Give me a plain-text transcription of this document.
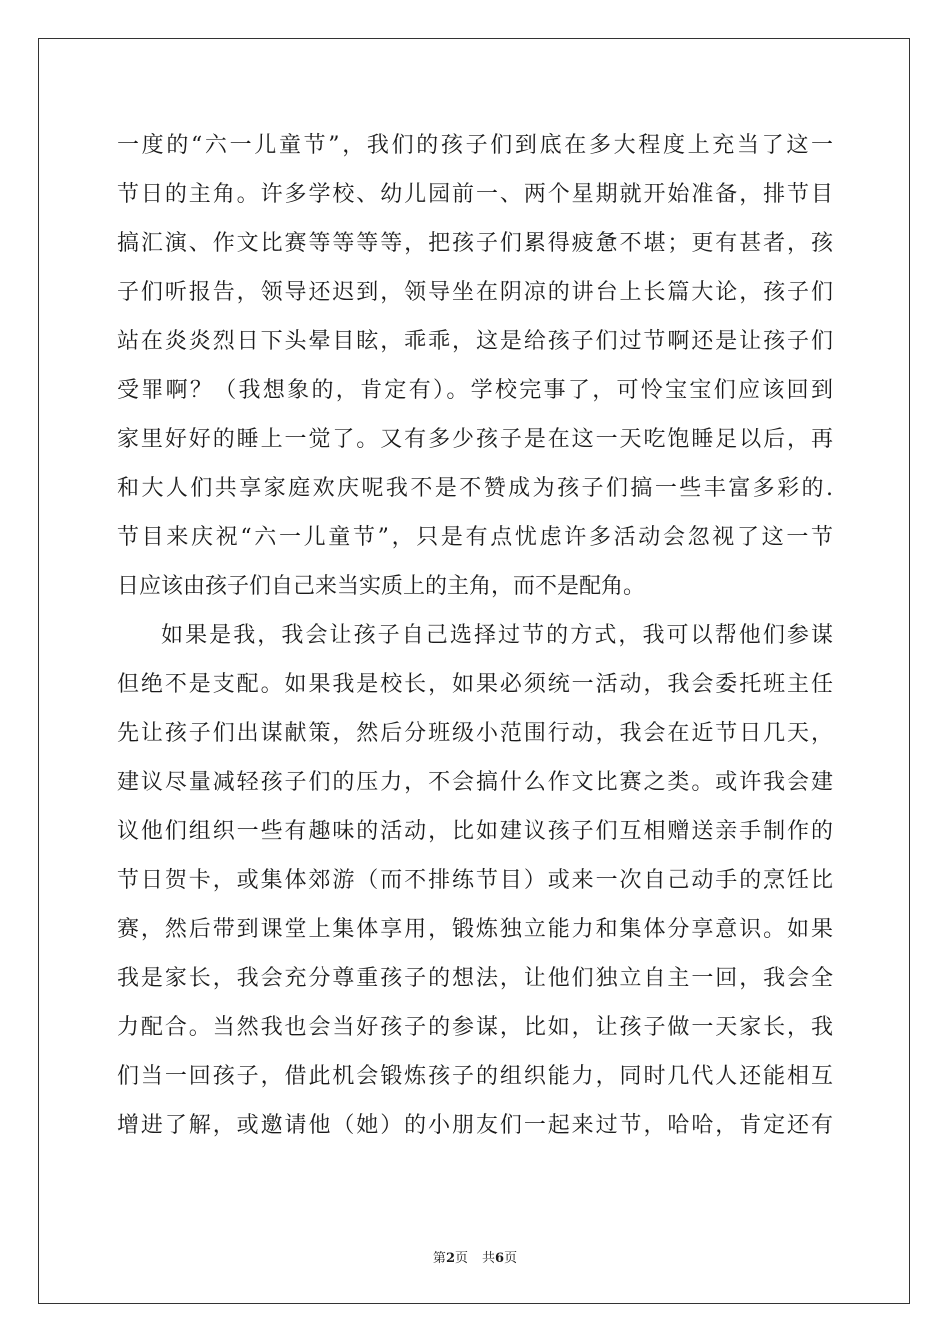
一度的“六一儿童节”，我们的孩子们到底在多大程度上充当了这一
节日的主角。许多学校、幼儿园前一、两个星期就开始准备，排节目
搞汇演、作文比赛等等等等，把孩子们累得疲惫不堪；更有甚者，孩
子们听报告，领导还迟到，领导坐在阴凉的讲台上长篇大论，孩子们
站在炎炎烈日下头晕目眩，乖乖，这是给孩子们过节啊还是让孩子们
受罪啊？（我想象的，肯定有）。学校完事了，可怜宝宝们应该回到
家里好好的睡上一觉了。又有多少孩子是在这一天吃饱睡足以后，再
和大人们共享家庭欢庆呢我不是不赞成为孩子们搞一些丰富多彩的.
节目来庆祝“六一儿童节”，只是有点忧虑许多活动会忽视了这一节
日应该由孩子们自己来当实质上的主角，而不是配角。
如果是我，我会让孩子自己选择过节的方式，我可以帮他们参谋
但绝不是支配。如果我是校长，如果必须统一活动，我会委托班主任
先让孩子们出谋献策，然后分班级小范围行动，我会在近节日几天，
建议尽量减轻孩子们的压力，不会搞什么作文比赛之类。或许我会建
议他们组织一些有趣味的活动，比如建议孩子们互相赠送亲手制作的
节日贺卡，或集体郊游（而不排练节目）或来一次自己动手的烹饪比
赛，然后带到课堂上集体享用，锻炼独立能力和集体分享意识。如果
我是家长，我会充分尊重孩子的想法，让他们独立自主一回，我会全
力配合。当然我也会当好孩子的参谋，比如，让孩子做一天家长，我
们当一回孩子，借此机会锻炼孩子的组织能力，同时几代人还能相互
增进了解，或邀请他（她）的小朋友们一起来过节，哈哈，肯定还有
第2页 共6页
